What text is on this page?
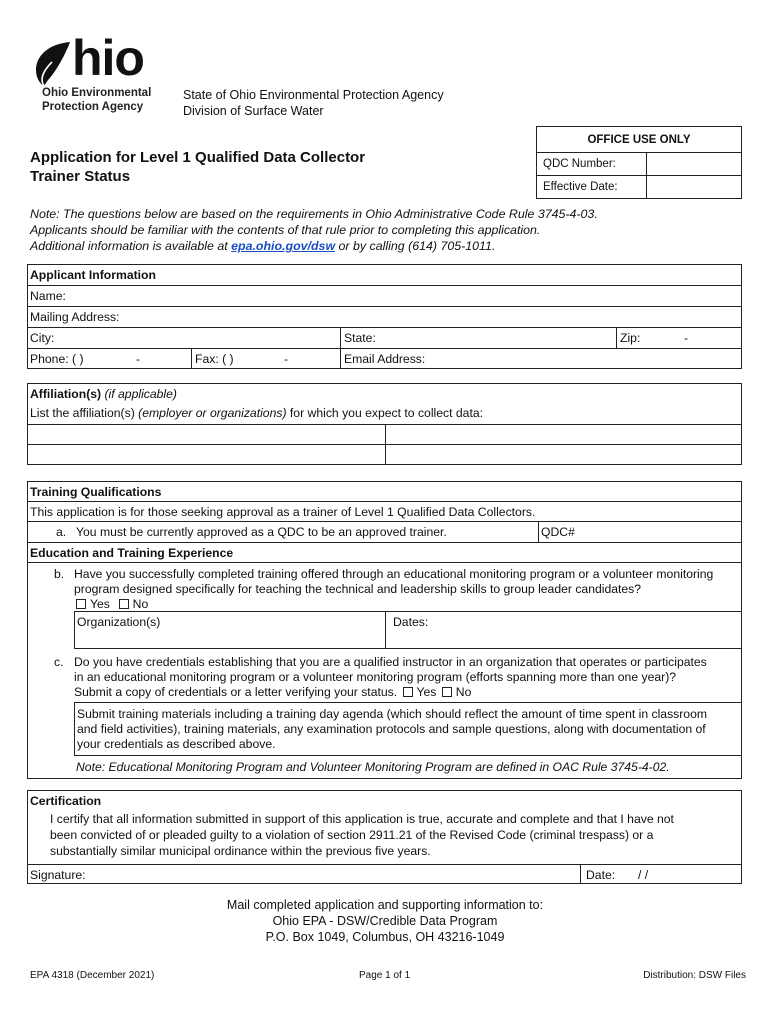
hio
Ohio Environmental
Protection Agency
State of Ohio Environmental Protection Agency
Division of Surface Water
OFFICE USE ONLY
QDC Number:
Effective Date:
Application for Level 1 Qualified Data Collector
Trainer Status
Note: The questions below are based on the requirements in Ohio Administrative Code Rule 3745-4-03.
Applicants should be familiar with the contents of that rule prior to completing this application.
Additional information is available at epa.ohio.gov/dsw or by calling (614) 705-1011.
Applicant Information
Name:
Mailing Address:
City:	State:	Zip:	-
Phone: ( )	-	Fax: ( )	-	Email Address:
Affiliation(s) (if applicable)
List the affiliation(s) (employer or organizations) for which you expect to collect data:
Training Qualifications
This application is for those seeking approval as a trainer of Level 1 Qualified Data Collectors.
a. You must be currently approved as a QDC to be an approved trainer.	QDC#
Education and Training Experience
b. Have you successfully completed training offered through an educational monitoring program or a volunteer monitoring
program designed specifically for teaching the technical and leadership skills to group leader candidates?
Yes No
Organization(s)	Dates:
c. Do you have credentials establishing that you are a qualified instructor in an organization that operates or participates
in an educational monitoring program or a volunteer monitoring program (efforts spanning more than one year)?
Submit a copy of credentials or a letter verifying your status. Yes No
Submit training materials including a training day agenda (which should reflect the amount of time spent in classroom
and field activities), training materials, any examination protocols and sample questions, along with documentation of
your credentials as described above.
Note: Educational Monitoring Program and Volunteer Monitoring Program are defined in OAC Rule 3745-4-02.
Certification
I certify that all information submitted in support of this application is true, accurate and complete and that I have not
been convicted of or pleaded guilty to a violation of section 2911.21 of the Revised Code (criminal trespass) or a
substantially similar municipal ordinance within the previous five years.
Signature:	Date: / /
Mail completed application and supporting information to:
Ohio EPA - DSW/Credible Data Program
P.O. Box 1049, Columbus, OH 43216-1049
EPA 4318 (December 2021)	Page 1 of 1	Distribution: DSW Files
